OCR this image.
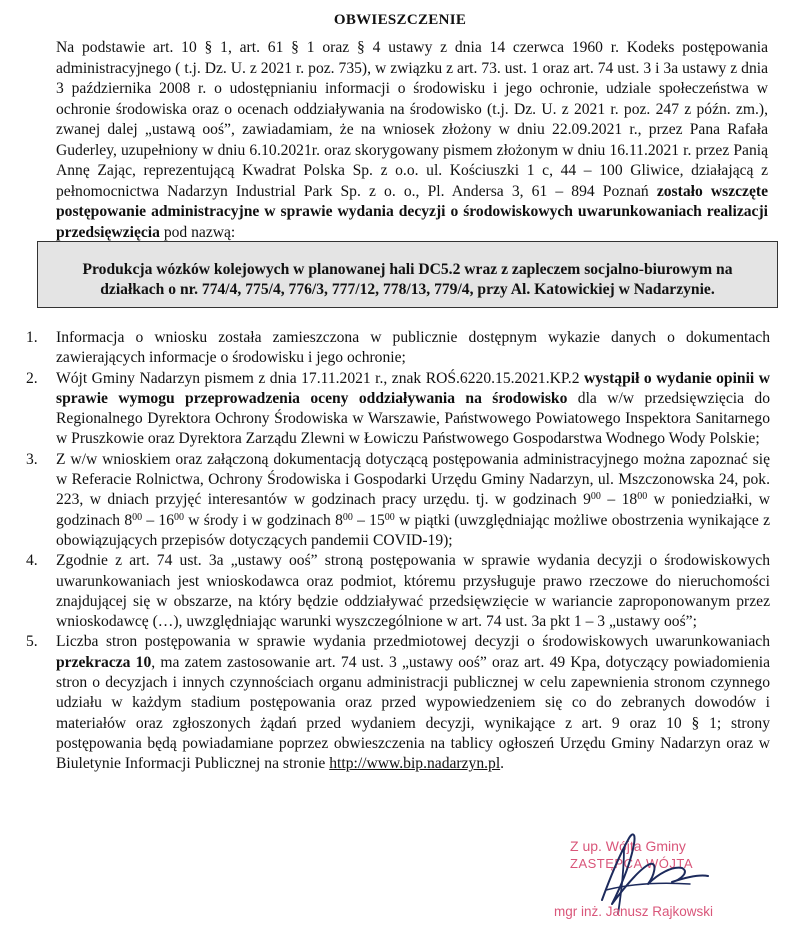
OBWIESZCZENIE
Na podstawie art. 10 § 1, art. 61 § 1 oraz § 4 ustawy z dnia 14 czerwca 1960 r. Kodeks postępowania administracyjnego ( t.j. Dz. U. z 2021 r. poz. 735), w związku z art. 73. ust. 1 oraz art. 74 ust. 3 i 3a ustawy z dnia 3 października 2008 r. o udostępnianiu informacji o środowisku i jego ochronie, udziale społeczeństwa w ochronie środowiska oraz o ocenach oddziaływania na środowisko (t.j. Dz. U. z 2021 r. poz. 247 z późn. zm.), zwanej dalej „ustawą ooś”, zawiadamiam, że na wniosek złożony w dniu 22.09.2021 r., przez Pana Rafała Guderley, uzupełniony w dniu 6.10.2021r. oraz skorygowany pismem złożonym w dniu 16.11.2021 r. przez Panią Annę Zając, reprezentującą Kwadrat Polska Sp. z o.o. ul. Kościuszki 1 c, 44 – 100 Gliwice, działającą z pełnomocnictwa Nadarzyn Industrial Park Sp. z o. o., Pl. Andersa 3, 61 – 894 Poznań zostało wszczęte postępowanie administracyjne w sprawie wydania decyzji o środowiskowych uwarunkowaniach realizacji przedsięwzięcia pod nazwą:
Produkcja wózków kolejowych w planowanej hali DC5.2 wraz z zapleczem socjalno-biurowym na działkach o nr. 774/4, 775/4, 776/3, 777/12, 778/13, 779/4, przy Al. Katowickiej w Nadarzynie.
1. Informacja o wniosku została zamieszczona w publicznie dostępnym wykazie danych o dokumentach zawierających informacje o środowisku i jego ochronie;
2. Wójt Gminy Nadarzyn pismem z dnia 17.11.2021 r., znak ROŚ.6220.15.2021.KP.2 wystąpił o wydanie opinii w sprawie wymogu przeprowadzenia oceny oddziaływania na środowisko dla w/w przedsięwzięcia do Regionalnego Dyrektora Ochrony Środowiska w Warszawie, Państwowego Powiatowego Inspektora Sanitarnego w Pruszkowie oraz Dyrektora Zarządu Zlewni w Łowiczu Państwowego Gospodarstwa Wodnego Wody Polskie;
3. Z w/w wnioskiem oraz załączoną dokumentacją dotyczącą postępowania administracyjnego można zapoznać się w Referacie Rolnictwa, Ochrony Środowiska i Gospodarki Urzędu Gminy Nadarzyn, ul. Mszczonowska 24, pok. 223, w dniach przyjęć interesantów w godzinach pracy urzędu. tj. w godzinach $9^{00} - 18^{00}$ w poniedziałki, w godzinach $8^{00} - 16^{00}$ w środy i w godzinach $8^{00} - 15^{00}$ w piątki (uwzględniając możliwe obostrzenia wynikające z obowiązujących przepisów dotyczących pandemii COVID-19);
4. Zgodnie z art. 74 ust. 3a „ustawy ooś” stroną postępowania w sprawie wydania decyzji o środowiskowych uwarunkowaniach jest wnioskodawca oraz podmiot, któremu przysługuje prawo rzeczowe do nieruchomości znajdującej się w obszarze, na który będzie oddziaływać przedsięwzięcie w wariancie zaproponowanym przez wnioskodawcę (…), uwzględniając warunki wyszczególnione w art. 74 ust. 3a pkt 1 – 3 „ustawy ooś”;
5. Liczba stron postępowania w sprawie wydania przedmiotowej decyzji o środowiskowych uwarunkowaniach przekracza 10, ma zatem zastosowanie art. 74 ust. 3 „ustawy ooś” oraz art. 49 Kpa, dotyczący powiadomienia stron o decyzjach i innych czynnościach organu administracji publicznej w celu zapewnienia stronom czynnego udziału w każdym stadium postępowania oraz przed wypowiedzeniem się co do zebranych dowodów i materiałów oraz zgłoszonych żądań przed wydaniem decyzji, wynikające z art. 9 oraz 10 § 1; strony postępowania będą powiadamiane poprzez obwieszczenia na tablicy ogłoszeń Urzędu Gminy Nadarzyn oraz w Biuletynie Informacji Publicznej na stronie http://www.bip.nadarzyn.pl.
Z up. Wójta Gminy
ZASTĘPCA WÓJTA
mgr inż. Janusz Rajkowski
